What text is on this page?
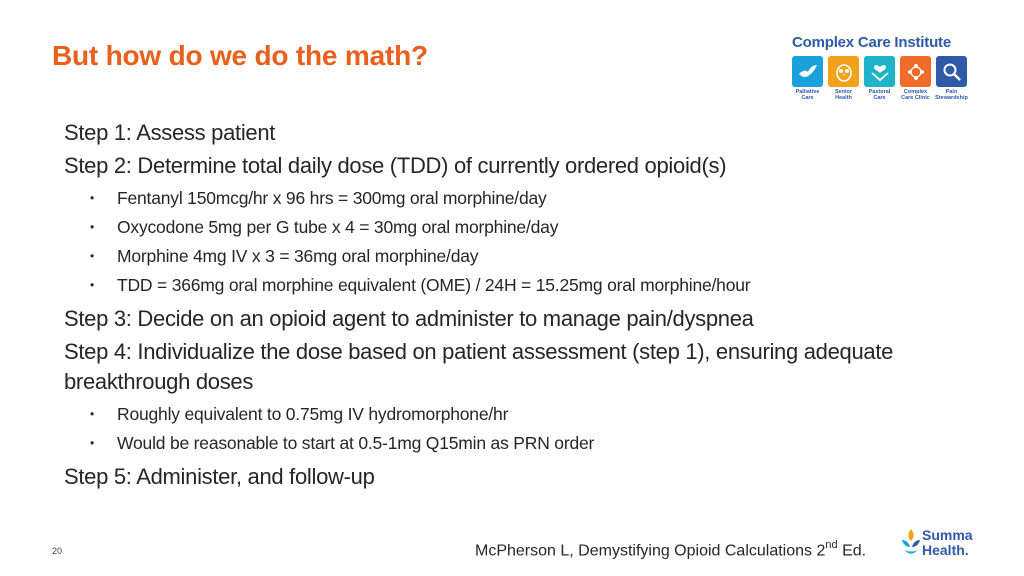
But how do we do the math?	Complex Care Institute
Palliative
Care
Senior
Health
Pastoral
Care
Complex
Care Clinic
Pain
Stewardship

Step 1: Assess patient

Step 2: Determine total daily dose (TDD) of currently ordered opioid(s)

• Fentanyl 150mcg/hr x 96 hrs = 300mg oral morphine/day
• Oxycodone 5mg per G tube x 4 = 30mg oral morphine/day
• Morphine 4mg IV x 3 = 36mg oral morphine/day
• TDD = 366mg oral morphine equivalent (OME) / 24H = 15.25mg oral morphine/hour

Step 3: Decide on an opioid agent to administer to manage pain/dyspnea

Step 4: Individualize the dose based on patient assessment (step 1), ensuring adequate breakthrough doses

• Roughly equivalent to 0.75mg IV hydromorphone/hr
• Would be reasonable to start at 0.5-1mg Q15min as PRN order

Step 5: Administer, and follow-up

20	McPherson L, Demystifying Opioid Calculations 2nd Ed.
Summa
Health.
